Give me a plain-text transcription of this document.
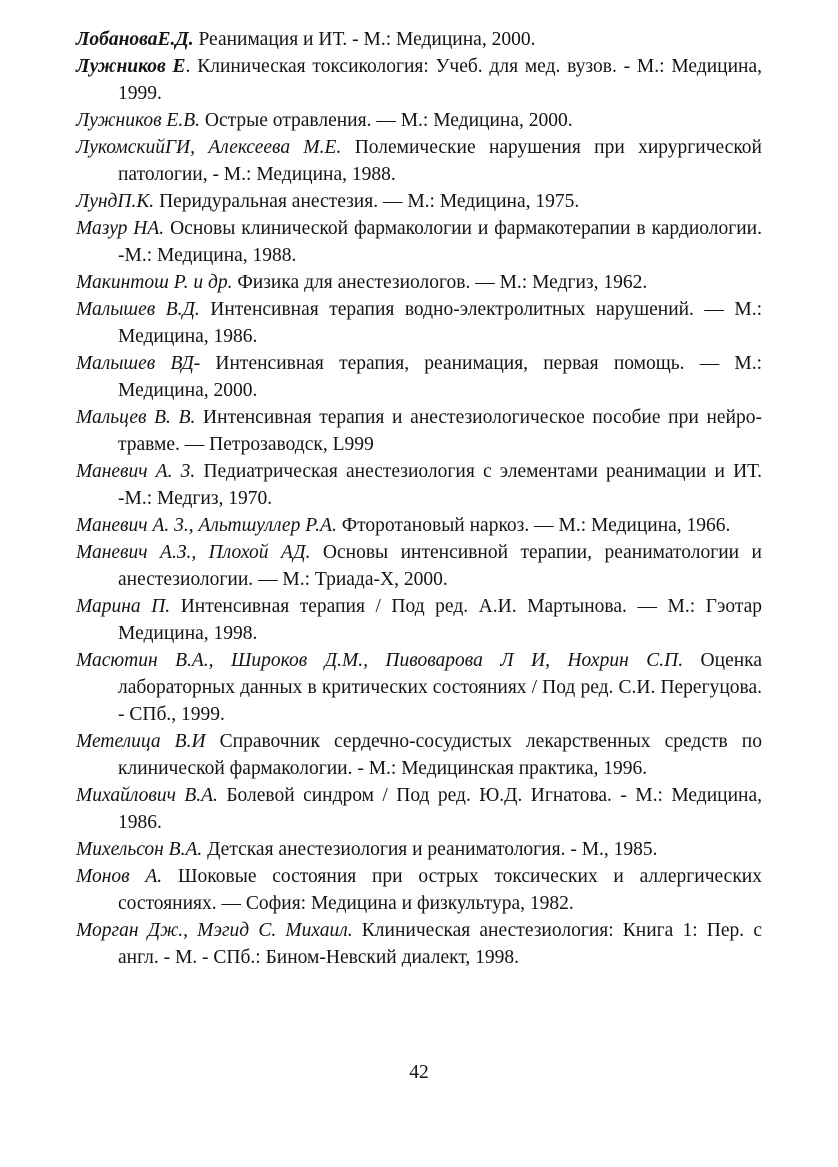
ЛобановаЕ.Д. Реанимация и ИТ. - М.: Медицина, 2000.

Лужников Е. Клиническая токсикология: Учеб. для мед. вузов. - М.: Медицина, 1999.

Лужников Е.В. Острые отравления. — М.: Медицина, 2000.

ЛукомскийГИ, Алексеева М.Е. Полемические нарушения при хирургической патологии, - М.: Медицина, 1988.

ЛундП.К. Перидуральная анестезия. — М.: Медицина, 1975.

Мазур НА. Основы клинической фармакологии и фармакотерапии в кардиологии. -М.: Медицина, 1988.

Макинтош Р. и др. Физика для анестезиологов. — М.: Медгиз, 1962.

Малышев В.Д. Интенсивная терапия водно-электролитных нарушений. — М.: Медицина, 1986.

Малышев ВД- Интенсивная терапия, реанимация, первая помощь. — М.: Медицина, 2000.

Мальцев В. В. Интенсивная терапия и анестезиологическое пособие при нейро-травме. — Петрозаводск, L999

Маневич А. 3. Педиатрическая анестезиология с элементами реанимации и ИТ. -М.: Медгиз, 1970.

Маневич А. 3., Альтшуллер Р.А. Фторотановый наркоз. — М.: Медицина, 1966.

Маневич А.З., Плохой АД. Основы интенсивной терапии, реаниматологии и анестезиологии. — М.: Триада-Х, 2000.

Марина П. Интенсивная терапия / Под ред. А.И. Мартынова. — М.: Гэотар Медицина, 1998.

Масютин В.А., Широков Д.М., Пивоварова Л И, Нохрин С.П. Оценка лабораторных данных в критических состояниях / Под ред. С.И. Перегуцова. - СПб., 1999.

Метелица В.И Справочник сердечно-сосудистых лекарственных средств по клинической фармакологии. - М.: Медицинская практика, 1996.

Михайлович В.А. Болевой синдром / Под ред. Ю.Д. Игнатова. - М.: Медицина, 1986.

Михельсон В.А. Детская анестезиология и реаниматология. - М., 1985.

Монов А. Шоковые состояния при острых токсических и аллергических состояниях. — София: Медицина и физкультура, 1982.

Морган Дж., Мэгид С. Михаил. Клиническая анестезиология: Книга 1: Пер. с англ. - М. - СПб.: Бином-Невский диалект, 1998.

42
